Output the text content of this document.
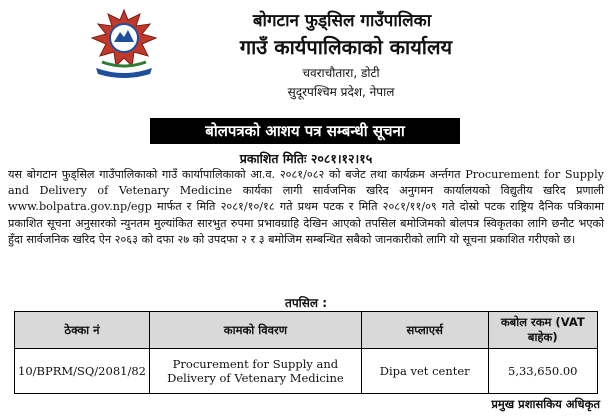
बोगटान फुड्सिल गाउँपालिका
गाउँ कार्यपालिकाको कार्यालय
चवराचौतारा, डोटी
सुदूरपश्चिम प्रदेश, नेपाल
बोलपत्रको आशय पत्र सम्बन्धी सूचना
प्रकाशित मितिः २०८१।१२।१५
यस बोगटान फुड्सिल गाउँपालिकाको गाउँ कार्यापालिकाको आ.व. २०८१/०८२ को बजेट तथा कार्यक्रम अर्न्तगत Procurement for Supply and Delivery of Vetenary Medicine कार्यका लागी सार्वजनिक खरिद अनुगमन कार्यालयको विद्युतीय खरिद प्रणाली www.bolpatra.gov.np/egp मार्फत र मिति २०८१/१०/१८ गते प्रथम पटक र मिति २०८१/११/०९ गते दोस्रो पटक राष्ट्रिय दैनिक पत्रिकामा प्रकाशित सूचना अनुसारको न्युनतम मुल्यांकित सारभुत रुपमा प्रभावग्राहि देखिन आएको तपसिल बमोजिमको बोलपत्र स्विकृतका लागि छनौट भएको हुँदा सार्वजनिक खरिद ऐन २०६३ को दफा २७ को उपदफा २ र ३ बमोजिम सम्बन्धित सबैको जानकारीको लागि यो सूचना प्रकाशित गरीएको छ।
तपसिल :
ठेक्का नं	कामको विवरण	सप्लाएर्स	कबोल रकम (VAT बाहेक)
10/BPRM/SQ/2081/82	Procurement for Supply and Delivery of Vetenary Medicine	Dipa vet center	5,33,650.00
प्रमुख प्रशासकिय अधिकृत
